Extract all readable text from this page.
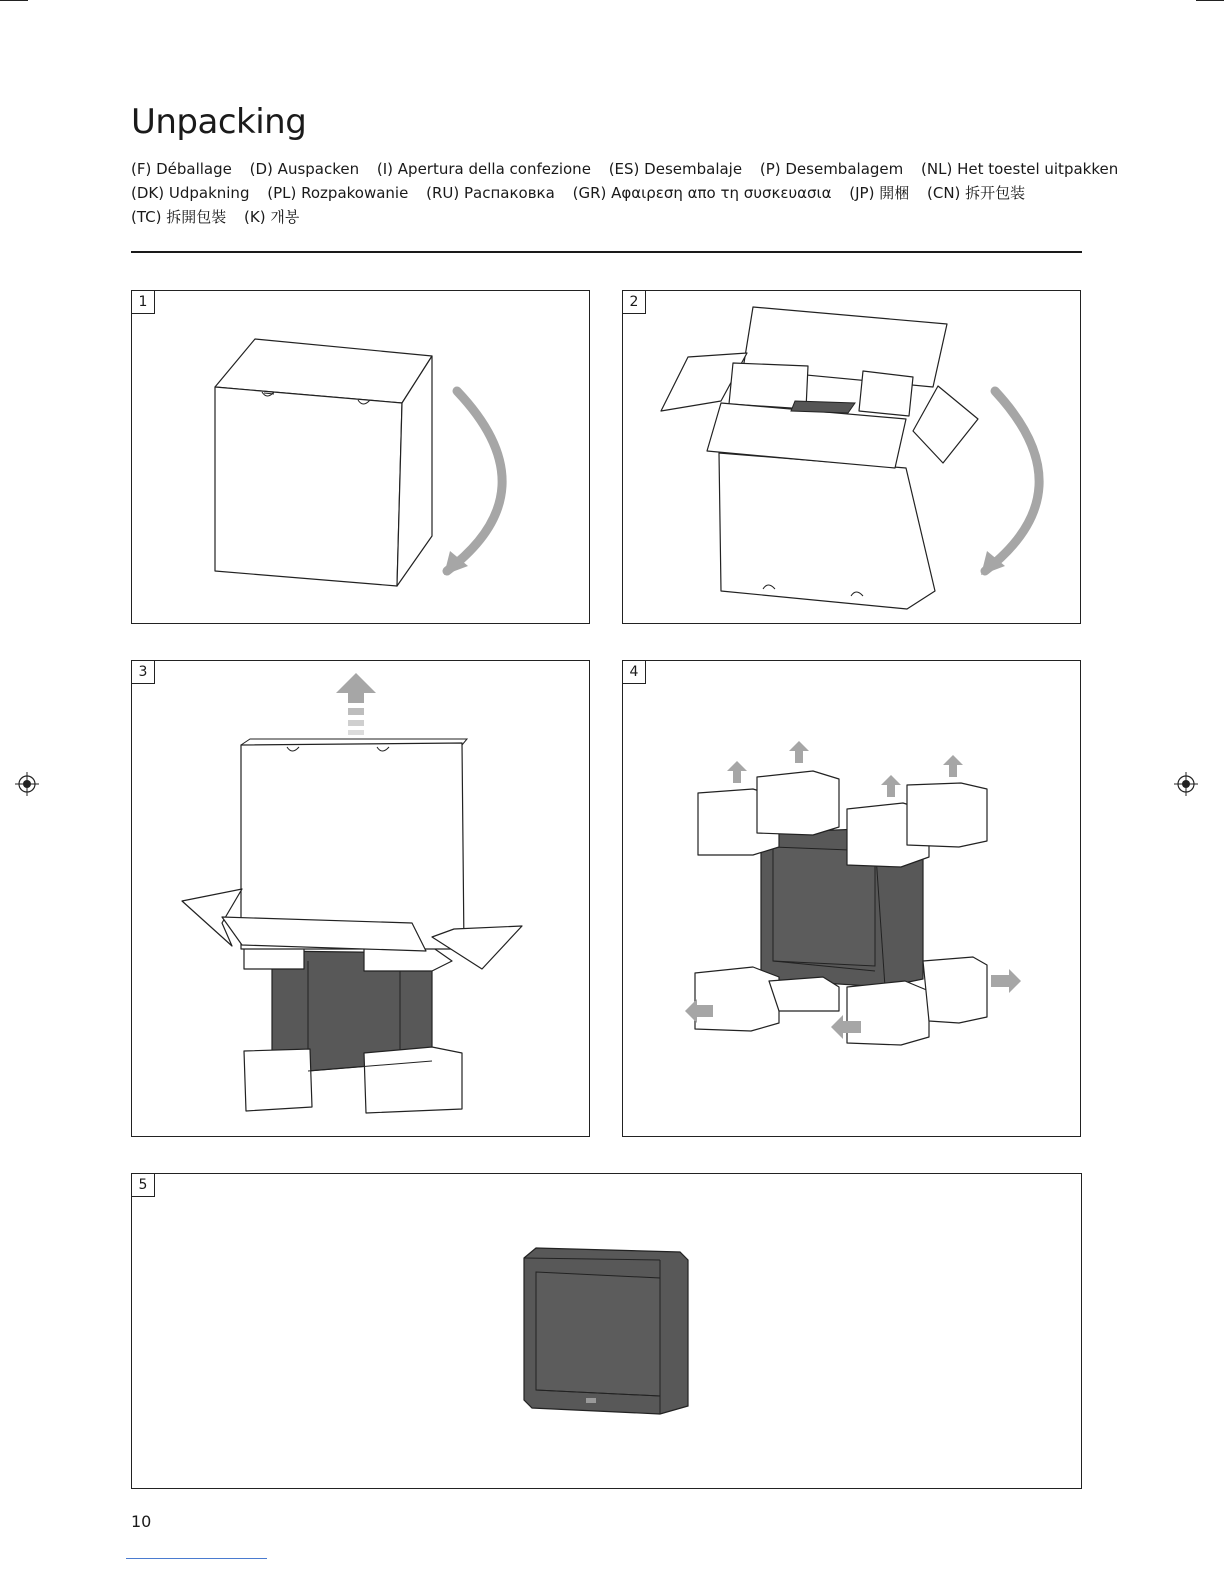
Unpacking
(F) Déballage (D) Auspacken (I) Apertura della confezione (ES) Desembalaje (P) Desembalagem (NL) Het toestel uitpakken
(DK) Udpakning (PL) Rozpakowanie (RU) Распаковка (GR) Αφαιρεση απο τη συσκευασια (JP) 開梱 (CN) 拆开包装
(TC) 拆開包裝 (K) 개봉
1	2
3	4
5
10
